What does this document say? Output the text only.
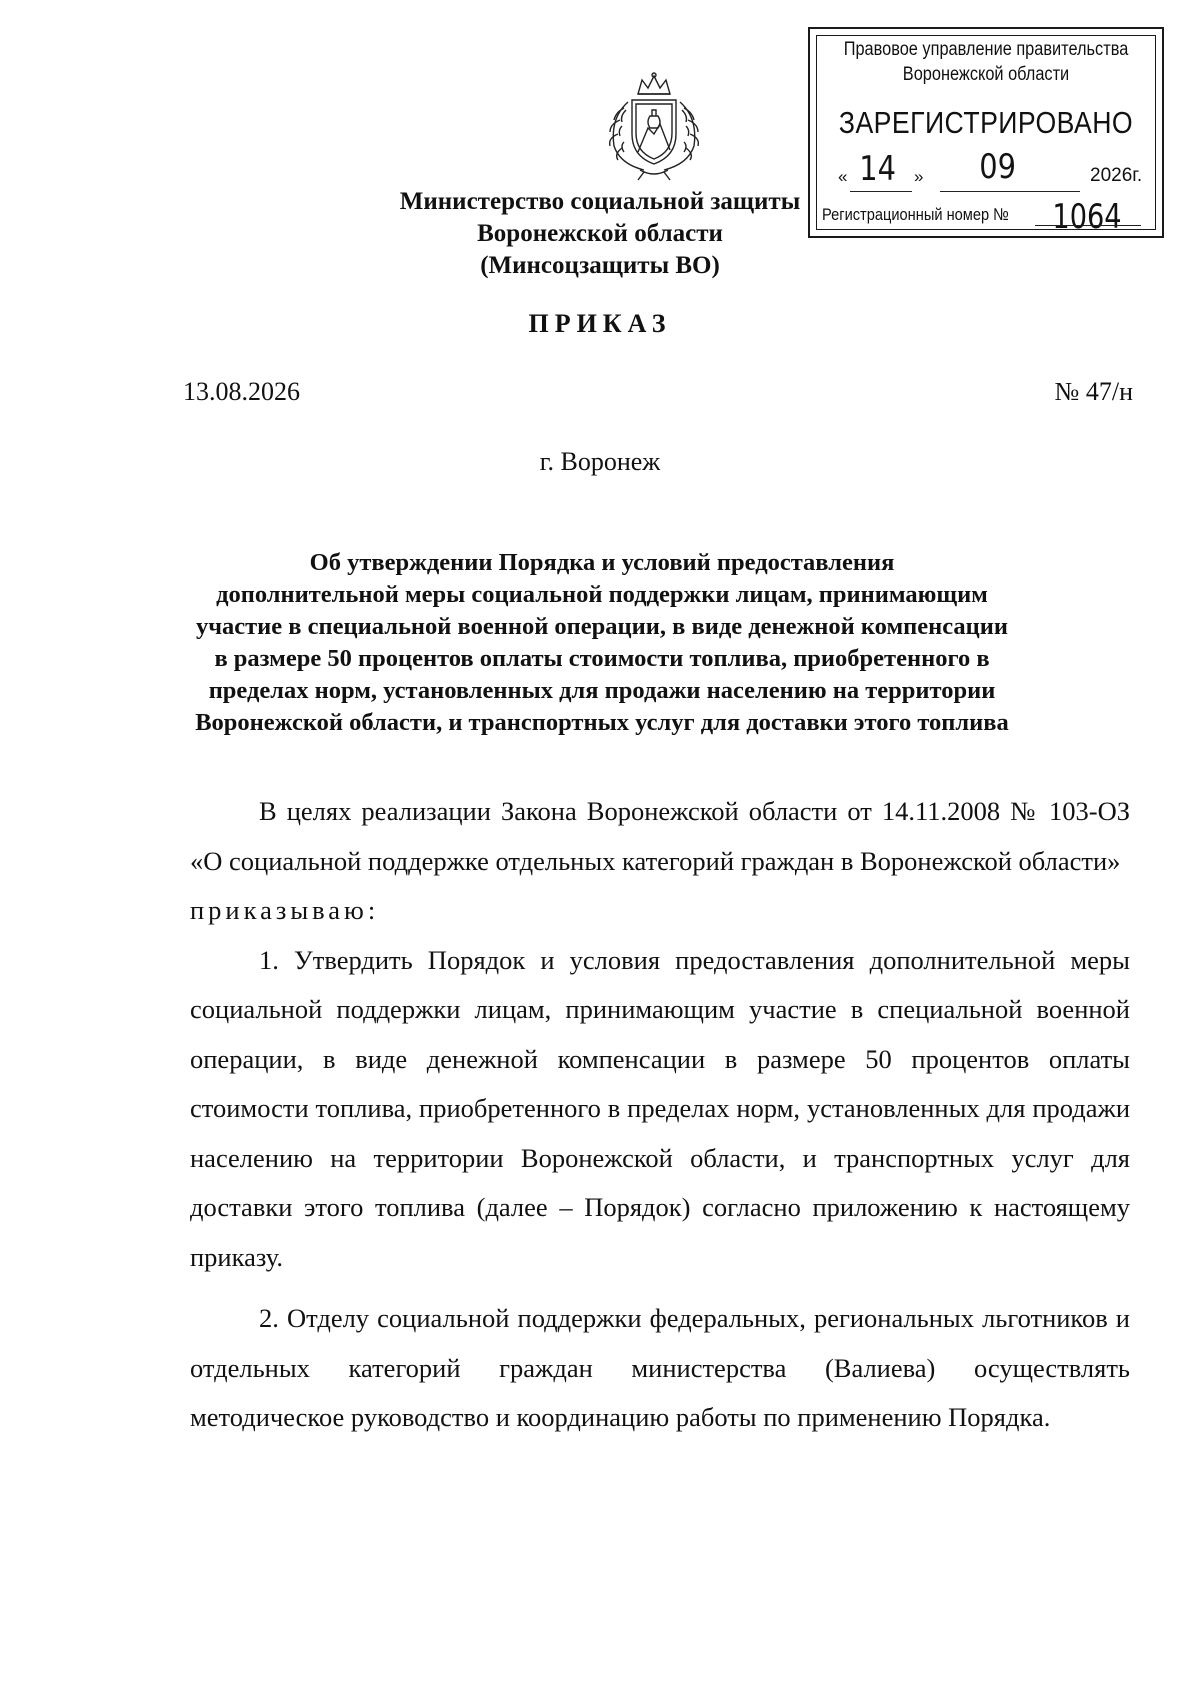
Правовое управление правительства
Воронежской области
ЗАРЕГИСТРИРОВАНО
« 14 » 09	2026г.
Регистрационный номер № 1064
Министерство социальной защиты
Воронежской области
(Минсоцзащиты ВО)
ПРИКАЗ
13.08.2026	№ 47/н
г. Воронеж
Об утверждении Порядка и условий предоставления
дополнительной меры социальной поддержки лицам, принимающим
участие в специальной военной операции, в виде денежной компенсации
в размере 50 процентов оплаты стоимости топлива, приобретенного в
пределах норм, установленных для продажи населению на территории
Воронежской области, и транспортных услуг для доставки этого топлива

В целях реализации Закона Воронежской области от 14.11.2008 № 103-ОЗ «О социальной поддержке отдельных категорий граждан в Воронежской области»

приказываю:

1. Утвердить Порядок и условия предоставления дополнительной меры социальной поддержки лицам, принимающим участие в специальной военной операции, в виде денежной компенсации в размере 50 процентов оплаты стоимости топлива, приобретенного в пределах норм, установленных для продажи населению на территории Воронежской области, и транспортных услуг для доставки этого топлива (далее – Порядок) согласно приложению к настоящему приказу.

2. Отделу социальной поддержки федеральных, региональных льготников и отдельных категорий граждан министерства (Валиева) осуществлять методическое руководство и координацию работы по применению Порядка.
